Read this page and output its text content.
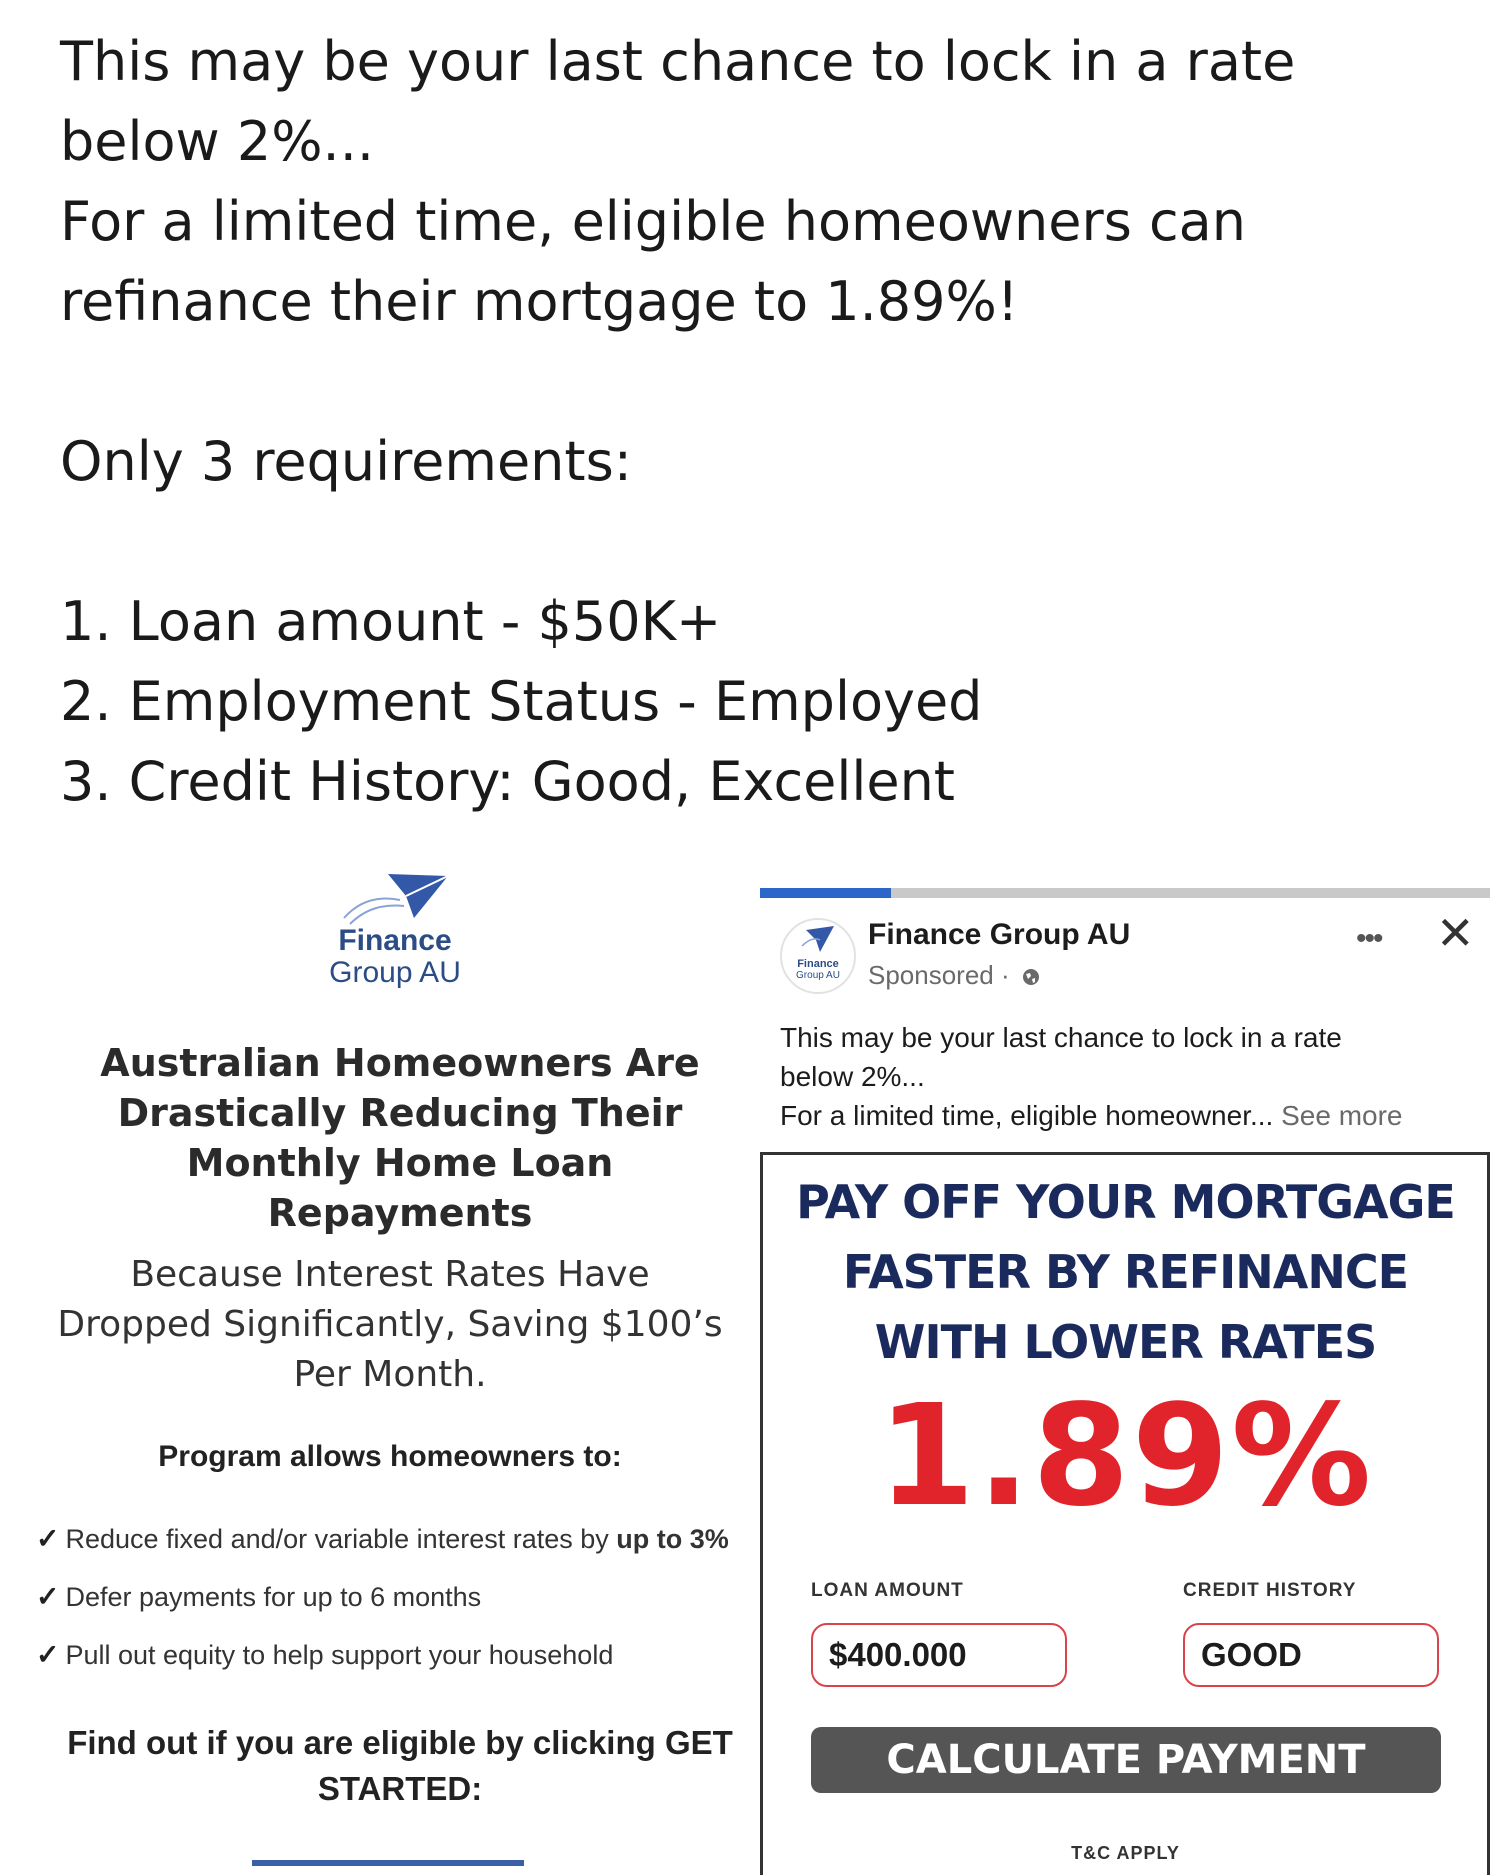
This may be your last chance to lock in a rate
below 2%...
For a limited time, eligible homeowners can
refinance their mortgage to 1.89%!
Only 3 requirements:
1. Loan amount - $50K+
2. Employment Status - Employed
3. Credit History: Good, Excellent
Finance
Group AU
Australian Homeowners Are
Drastically Reducing Their
Monthly Home Loan
Repayments
Because Interest Rates Have
Dropped Significantly, Saving $100’s
Per Month.
Program allows homeowners to:
✓ Reduce fixed and/or variable interest rates by up to 3%
✓ Defer payments for up to 6 months
✓ Pull out equity to help support your household
Find out if you are eligible by clicking GET
STARTED:
Finance
Group AU
Finance Group AU
Sponsored ·
••• ✕
This may be your last chance to lock in a rate
below 2%...
For a limited time, eligible homeowner... See more
PAY OFF YOUR MORTGAGE
FASTER BY REFINANCE
WITH LOWER RATES
1.89%
LOAN AMOUNT	CREDIT HISTORY
$400.000	GOOD
CALCULATE PAYMENT
T&C APPLY
